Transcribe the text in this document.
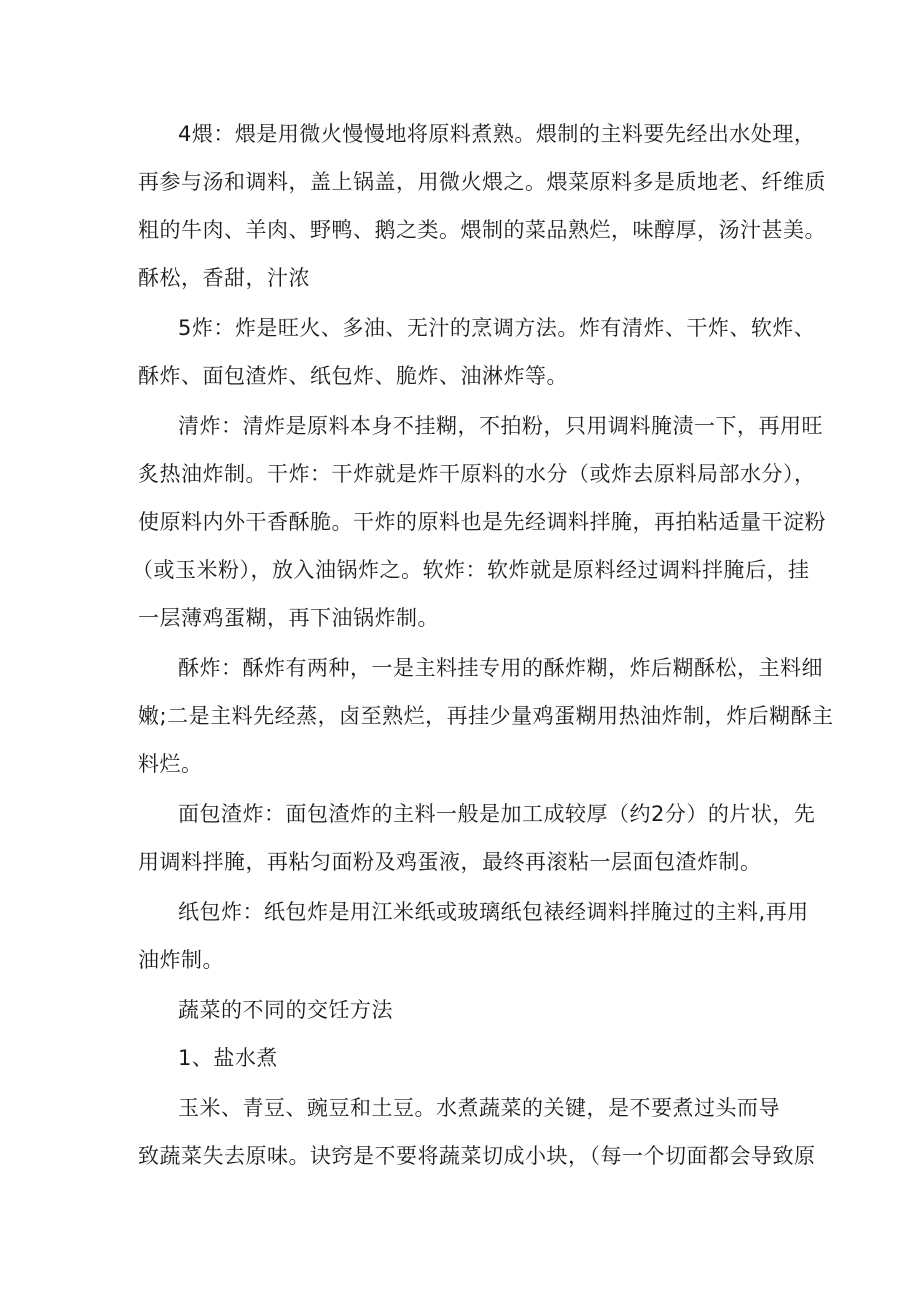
4煨：煨是用微火慢慢地将原料煮熟。煨制的主料要先经出水处理，
再参与汤和调料，盖上锅盖，用微火煨之。煨菜原料多是质地老、纤维质
粗的牛肉、羊肉、野鸭、鹅之类。煨制的菜品熟烂，味醇厚，汤汁甚美。
酥松，香甜，汁浓
5炸：炸是旺火、多油、无汁的烹调方法。炸有清炸、干炸、软炸、
酥炸、面包渣炸、纸包炸、脆炸、油淋炸等。
清炸：清炸是原料本身不挂糊，不拍粉，只用调料腌渍一下，再用旺
炙热油炸制。干炸：干炸就是炸干原料的水分（或炸去原料局部水分），
使原料内外干香酥脆。干炸的原料也是先经调料拌腌，再拍粘适量干淀粉
（或玉米粉），放入油锅炸之。软炸：软炸就是原料经过调料拌腌后，挂
一层薄鸡蛋糊，再下油锅炸制。
酥炸：酥炸有两种，一是主料挂专用的酥炸糊，炸后糊酥松，主料细
嫩;二是主料先经蒸，卤至熟烂，再挂少量鸡蛋糊用热油炸制，炸后糊酥主
料烂。
面包渣炸：面包渣炸的主料一般是加工成较厚（约2分）的片状，先
用调料拌腌，再粘匀面粉及鸡蛋液，最终再滚粘一层面包渣炸制。
纸包炸：纸包炸是用江米纸或玻璃纸包裱经调料拌腌过的主料,再用
油炸制。
蔬菜的不同的交饪方法
1、盐水煮
玉米、青豆、豌豆和土豆。水煮蔬菜的关键，是不要煮过头而导
致蔬菜失去原味。诀窍是不要将蔬菜切成小块，（每一个切面都会导致原
